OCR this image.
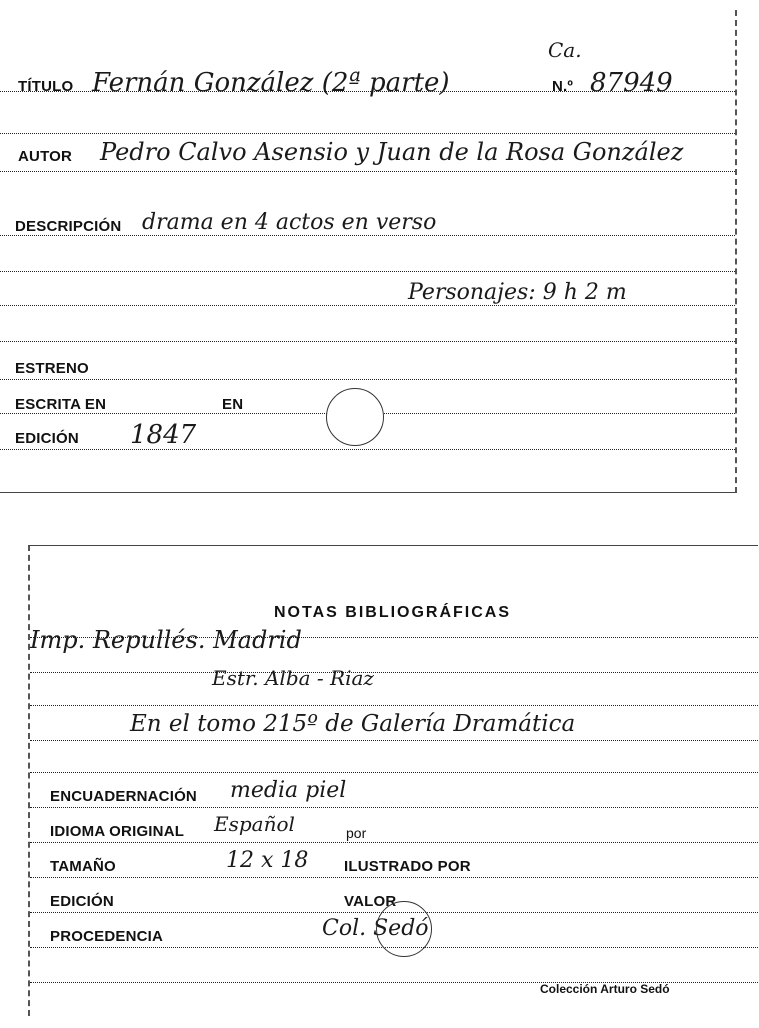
TÍTULO Fernán González (2ª parte)	N.º 87949
Ca.
AUTOR Pedro Calvo Asensio y Juan de la Rosa González
DESCRIPCIÓN drama en 4 actos en verso
Personajes: 9 h 2 m
ESTRENO
ESCRITA EN	EN
EDICIÓN 1847
NOTAS BIBLIOGRÁFICAS
Imp. Repullés. Madrid
Estr. Alba - Riaz
En el tomo 215º de Galería Dramática
ENCUADERNACIÓN media piel
IDIOMA ORIGINAL Español	por
TAMAÑO	12 x 18 ILUSTRADO POR
EDICIÓN	VALOR
PROCEDENCIA	Col. Sedó
Colección Arturo Sedó
